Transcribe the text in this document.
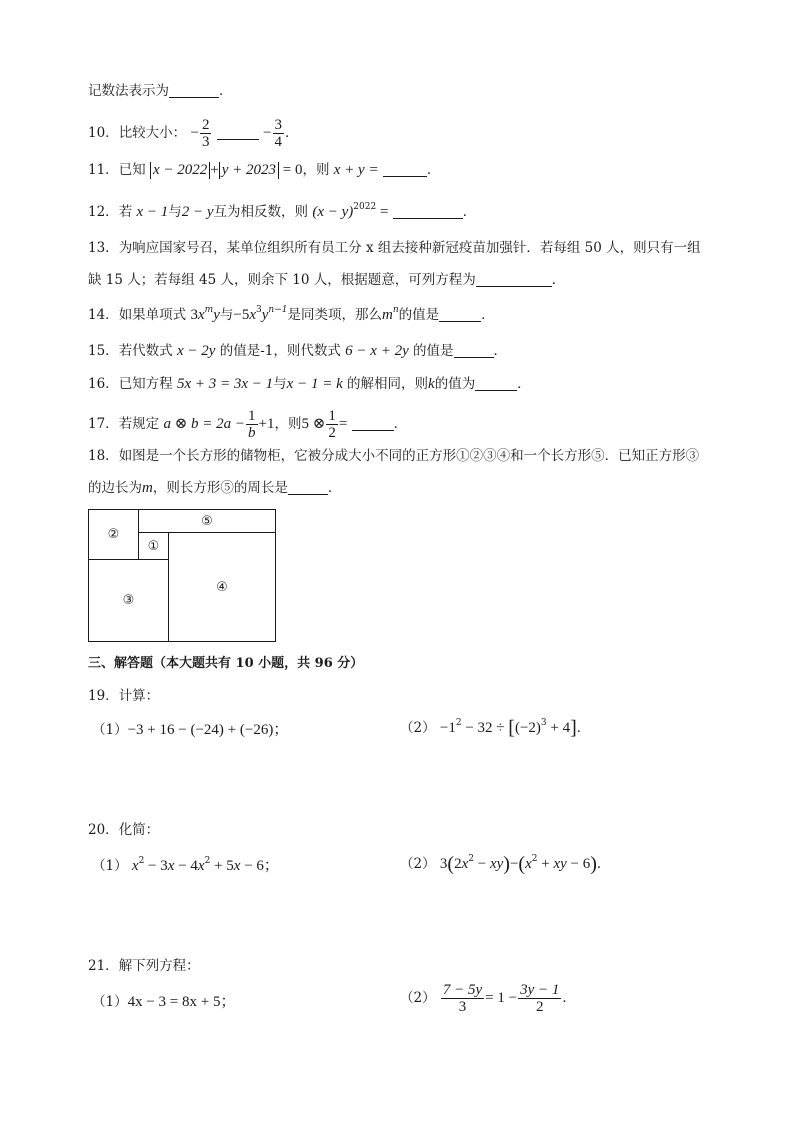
记数法表示为	．
10．比较大小： − $\frac{2}{3}$	− $\frac{3}{4}$ ．
11．已知 x − 2022 + y + 2023 = 0，则 x + y =	．
12．若 x − 1与2 − y互为相反数，则 $(x - y)^{2022}$ =	．
13．为响应国家号召，某单位组织所有员工分 x 组去接种新冠疫苗加强针．若每组 50 人，则只有一组
缺 15 人；若每组 45 人，则余下 10 人，根据题意，可列方程为	．
14．如果单项式 $3x^my$与$-5x^3y^{n-1}$是同类项，那么$m^n$的值是	．
15．若代数式 x − 2y 的值是-1，则代数式 6 − x + 2y 的值是	．
16．已知方程 5x + 3 = 3x − 1与x − 1 = k 的解相同，则k的值为	．
17．若规定 a ⊗ $b = 2a - \frac{1}{b} +1$，则5 ⊗ $\frac{1}{2}$ =	．
18．如图是一个长方形的储物柜，它被分成大小不同的正方形①②③④和一个长方形⑤．已知正方形③
的边长为m，则长方形⑤的周长是	．
②
⑤
①
③
④
三、解答题（本大题共有 10 小题，共 96 分）
19．计算：
（1）−3 + 16 − (−24) + (−26)；	$(2) -1^2 - 32 \div [(-2)^3 + 4]$．
20．化简：
（1） $x^2 - 3x - 4x^2 + 5x - 6$；	（2） $3(2x^2 - xy)-(x^2$ + xy − 6)．
21．解下列方程：
（1）4x − 3 = 8x + 5；	$(2) \frac{7 - 5y}{3} = 1 - \frac{3y - 1}{2}$ ．
